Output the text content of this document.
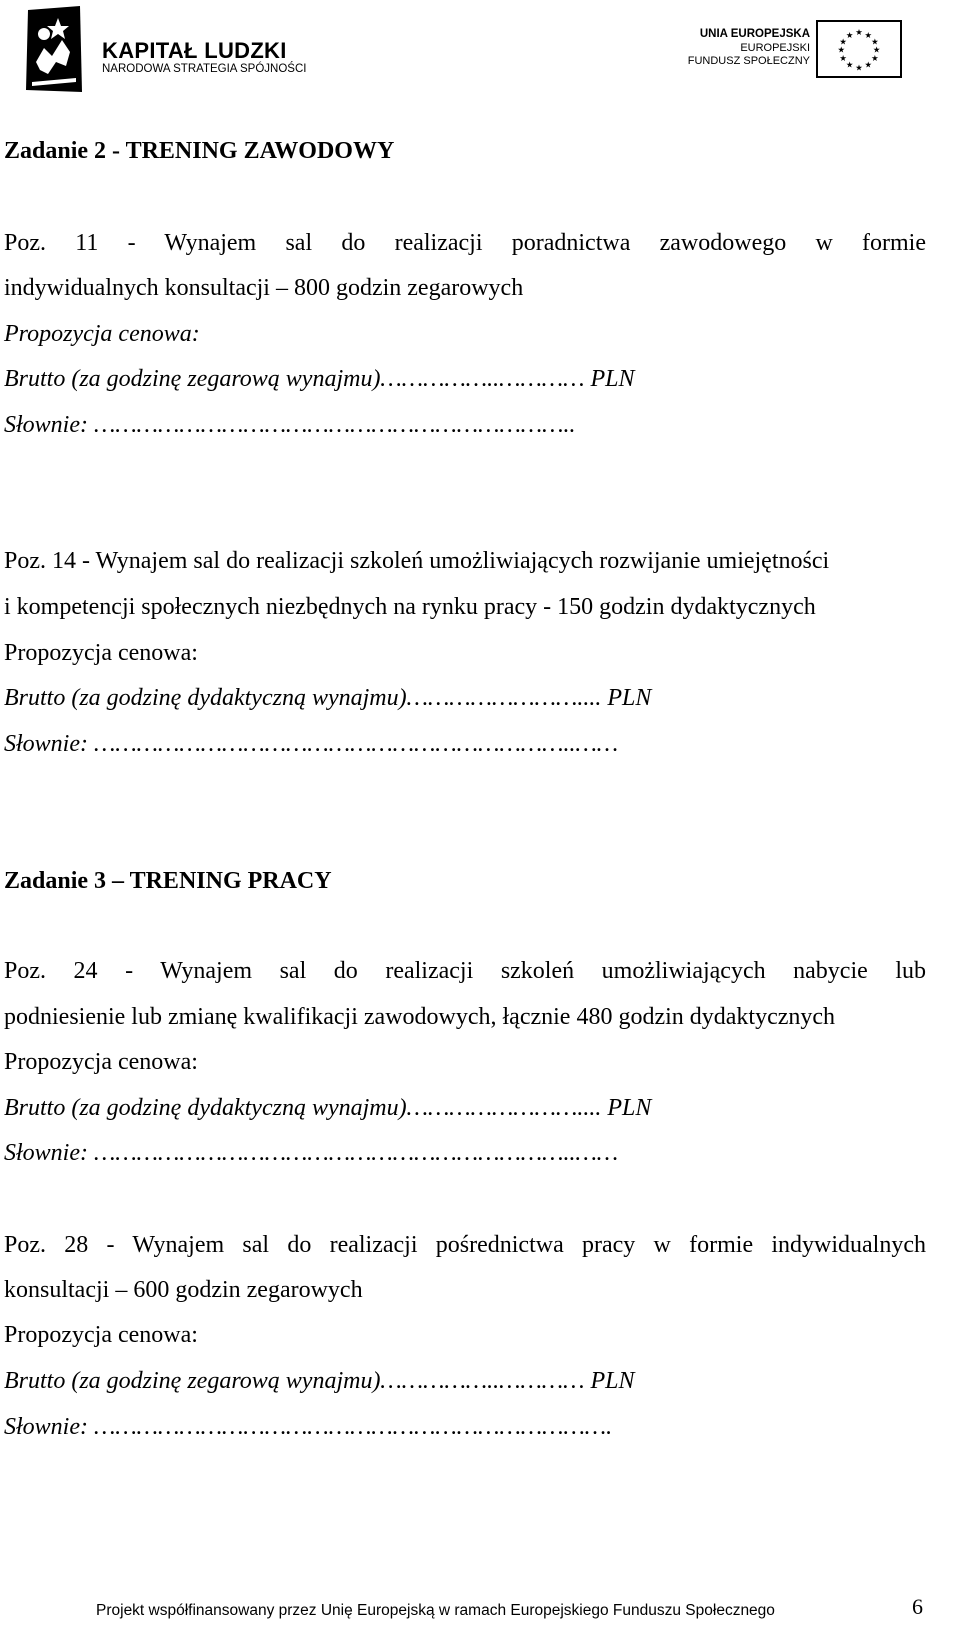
KAPITAŁ LUDZKI
NARODOWA STRATEGIA SPÓJNOŚCI
UNIA EUROPEJSKA
EUROPEJSKI
FUNDUSZ SPOŁECZNY
★ ★
★
★
★
★
★
★
★
★
★
★
Zadanie 2 - TRENING ZAWODOWY
Poz. 11 - Wynajem sal do realizacji poradnictwa zawodowego w formie
indywidualnych konsultacji – 800 godzin zegarowych
Propozycja cenowa:
Brutto (za godzinę zegarową wynajmu)……………..………… PLN
Słownie: …………………………………………………………..
Poz. 14 - Wynajem sal do realizacji szkoleń umożliwiających rozwijanie umiejętności
i kompetencji społecznych niezbędnych na rynku pracy - 150 godzin dydaktycznych
Propozycja cenowa:
Brutto (za godzinę dydaktyczną wynajmu)…………………….... PLN
Słownie: …………………………………………………………..……
Zadanie 3 – TRENING PRACY
Poz. 24 - Wynajem sal do realizacji szkoleń umożliwiających nabycie lub
podniesienie lub zmianę kwalifikacji zawodowych, łącznie 480 godzin dydaktycznych
Propozycja cenowa:
Brutto (za godzinę dydaktyczną wynajmu)…………………….... PLN
Słownie: …………………………………………………………..……
Poz. 28 - Wynajem sal do realizacji pośrednictwa pracy w formie indywidualnych
konsultacji – 600 godzin zegarowych
Propozycja cenowa:
Brutto (za godzinę zegarową wynajmu)……………..………… PLN
Słownie: ……………………………………………………………….
Projekt współfinansowany przez Unię Europejską w ramach Europejskiego Funduszu Społecznego	6
